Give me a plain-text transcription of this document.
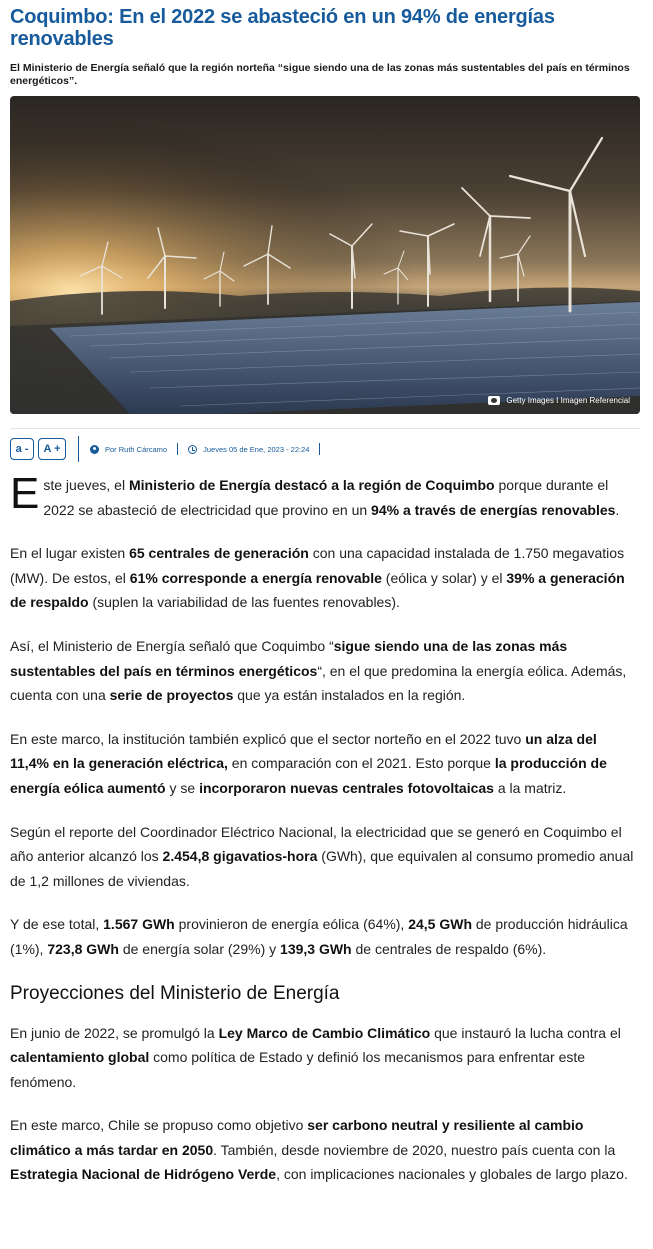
Coquimbo: En el 2022 se abasteció en un 94% de energías renovables

El Ministerio de Energía señaló que la región norteña “sigue siendo una de las zonas más sustentables del país en términos energéticos”.

Getty Images I Imagen Referencial
a -	A +	Por Ruth Cárcamo	Jueves 05 de Ene, 2023 - 22:24

Este jueves, el Ministerio de Energía destacó a la región de Coquimbo porque durante el 2022 se abasteció de electricidad que provino en un 94% a través de energías renovables.

En el lugar existen 65 centrales de generación con una capacidad instalada de 1.750 megavatios (MW). De estos, el 61% corresponde a energía renovable (eólica y solar) y el 39% a generación de respaldo (suplen la variabilidad de las fuentes renovables).

Así, el Ministerio de Energía señaló que Coquimbo “sigue siendo una de las zonas más sustentables del país en términos energéticos“, en el que predomina la energía eólica. Además, cuenta con una serie de proyectos que ya están instalados en la región.

En este marco, la institución también explicó que el sector norteño en el 2022 tuvo un alza del 11,4% en la generación eléctrica, en comparación con el 2021. Esto porque la producción de energía eólica aumentó y se incorporaron nuevas centrales fotovoltaicas a la matriz.

Según el reporte del Coordinador Eléctrico Nacional, la electricidad que se generó en Coquimbo el año anterior alcanzó los 2.454,8 gigavatios-hora (GWh), que equivalen al consumo promedio anual de 1,2 millones de viviendas.

Y de ese total, 1.567 GWh provinieron de energía eólica (64%), 24,5 GWh de producción hidráulica (1%), 723,8 GWh de energía solar (29%) y 139,3 GWh de centrales de respaldo (6%).

Proyecciones del Ministerio de Energía

En junio de 2022, se promulgó la Ley Marco de Cambio Climático que instauró la lucha contra el calentamiento global como política de Estado y definió los mecanismos para enfrentar este fenómeno.

En este marco, Chile se propuso como objetivo ser carbono neutral y resiliente al cambio climático a más tardar en 2050. También, desde noviembre de 2020, nuestro país cuenta con la Estrategia Nacional de Hidrógeno Verde, con implicaciones nacionales y globales de largo plazo.
